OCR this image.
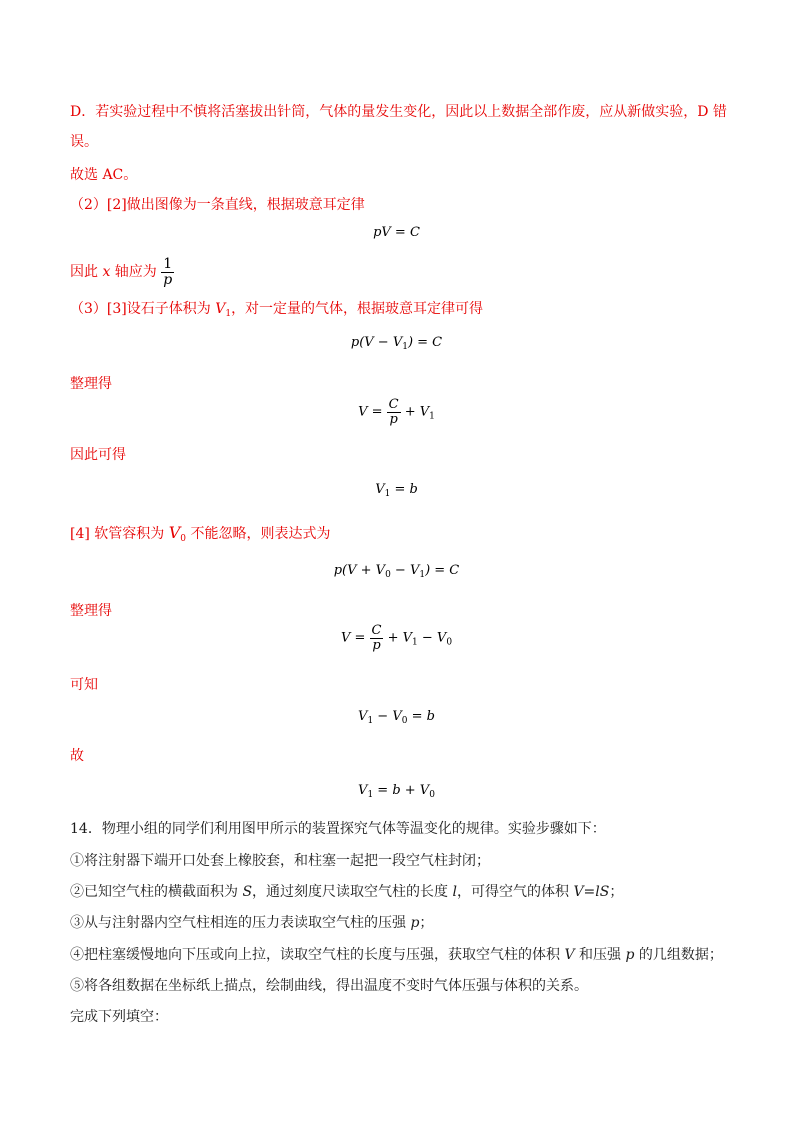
D．若实验过程中不慎将活塞拔出针筒，气体的量发生变化，因此以上数据全部作废，应从新做实验，D 错
误。
故选 AC。
（2）[2]做出图像为一条直线，根据玻意耳定律
pV = C
因此 x 轴应为 $\frac{1}{p}$
（3）[3]设石子体积为 $V_1$，对一定量的气体，根据玻意耳定律可得
$p(V - V_1) = C$
整理得
$V = \frac{C}{p} + V_1$
因此可得
$V_1 = b$
[4] 软管容积为 $V_0$ 不能忽略，则表达式为
$p(V + V_0 - V_1) = C$
整理得
$V = \frac{C}{p} + V_1 - V_0$
可知
$V_1 - V_0 = b$
故
$V_1 = b + V_0$
14．物理小组的同学们利用图甲所示的装置探究气体等温变化的规律。实验步骤如下：
①将注射器下端开口处套上橡胶套，和柱塞一起把一段空气柱封闭；
②已知空气柱的横截面积为 S，通过刻度尺读取空气柱的长度 l，可得空气的体积 V=lS；
③从与注射器内空气柱相连的压力表读取空气柱的压强 p；
④把柱塞缓慢地向下压或向上拉，读取空气柱的长度与压强，获取空气柱的体积 V 和压强 p 的几组数据；
⑤将各组数据在坐标纸上描点，绘制曲线，得出温度不变时气体压强与体积的关系。
完成下列填空：
